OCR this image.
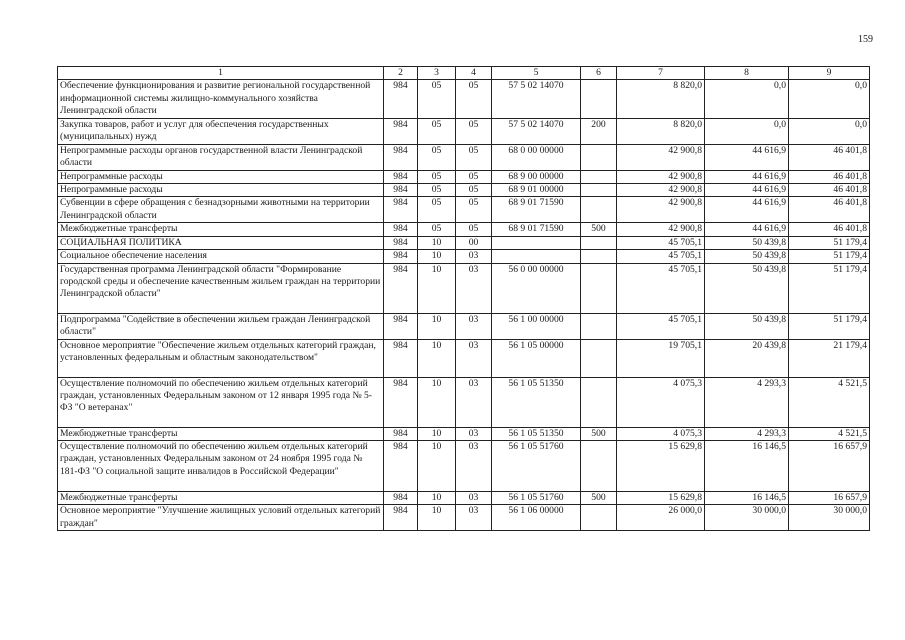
159
1	2	3	4	5	6	7	8	9
Обеспечение функционирования и развитие региональной государственной информационной системы жилищно-коммунального хозяйства Ленинградской области	984	05	05	57 5 02 14070		8 820,0	0,0	0,0
Закупка товаров, работ и услуг для обеспечения государственных (муниципальных) нужд	984	05	05	57 5 02 14070	200	8 820,0	0,0	0,0
Непрограммные расходы органов государственной власти Ленинградской области	984	05	05	68 0 00 00000		42 900,8	44 616,9	46 401,8
Непрограммные расходы	984	05	05	68 9 00 00000		42 900,8	44 616,9	46 401,8
Непрограммные расходы	984	05	05	68 9 01 00000		42 900,8	44 616,9	46 401,8
Субвенции в сфере обращения с безнадзорными животными на территории Ленинградской области	984	05	05	68 9 01 71590		42 900,8	44 616,9	46 401,8
Межбюджетные трансферты	984	05	05	68 9 01 71590	500	42 900,8	44 616,9	46 401,8
СОЦИАЛЬНАЯ ПОЛИТИКА	984	10	00			45 705,1	50 439,8	51 179,4
Социальное обеспечение населения	984	10	03			45 705,1	50 439,8	51 179,4
Государственная программа Ленинградской области "Формирование городской среды и обеспечение качественным жильем граждан на территории Ленинградской области"	984	10	03	56 0 00 00000		45 705,1	50 439,8	51 179,4
Подпрограмма "Содействие в обеспечении жильем граждан Ленинградской области"	984	10	03	56 1 00 00000		45 705,1	50 439,8	51 179,4
Основное мероприятие "Обеспечение жильем отдельных категорий граждан, установленных федеральным и областным законодательством"	984	10	03	56 1 05 00000		19 705,1	20 439,8	21 179,4
Осуществление полномочий по обеспечению жильем отдельных категорий граждан, установленных Федеральным законом от 12 января 1995 года № 5-ФЗ "О ветеранах"	984	10	03	56 1 05 51350		4 075,3	4 293,3	4 521,5
Межбюджетные трансферты	984	10	03	56 1 05 51350	500	4 075,3	4 293,3	4 521,5
Осуществление полномочий по обеспечению жильем отдельных категорий граждан, установленных Федеральным законом от 24 ноября 1995 года № 181-ФЗ "О социальной защите инвалидов в Российской Федерации"	984	10	03	56 1 05 51760		15 629,8	16 146,5	16 657,9
Межбюджетные трансферты	984	10	03	56 1 05 51760	500	15 629,8	16 146,5	16 657,9
Основное мероприятие "Улучшение жилищных условий отдельных категорий граждан"	984	10	03	56 1 06 00000		26 000,0	30 000,0	30 000,0
